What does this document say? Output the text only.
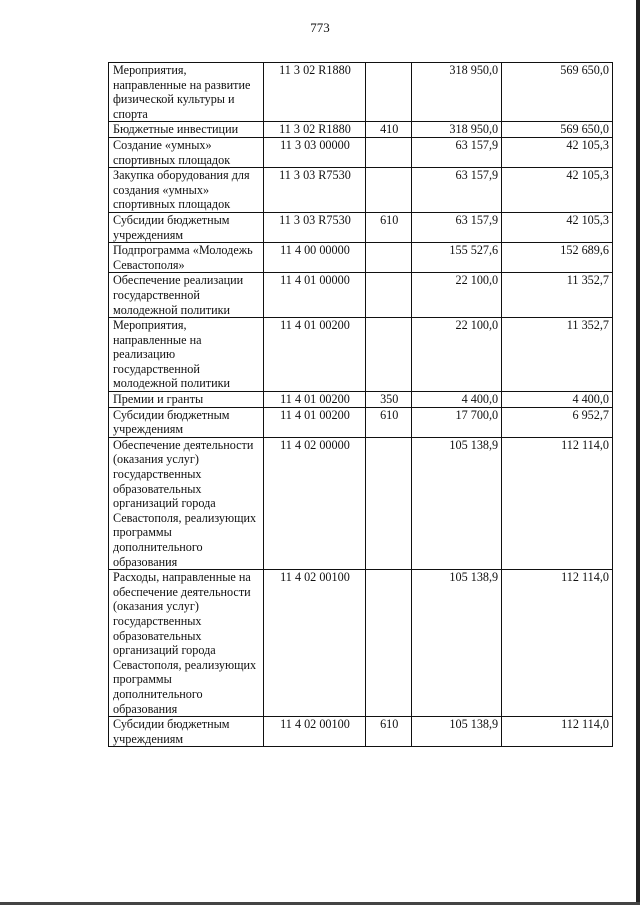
773
Мероприятия, направленные на развитие физической культуры и спорта	11 3 02 R1880		318 950,0	569 650,0
Бюджетные инвестиции	11 3 02 R1880	410	318 950,0	569 650,0
Создание «умных» спортивных площадок	11 3 03 00000		63 157,9	42 105,3
Закупка оборудования для создания «умных» спортивных площадок	11 3 03 R7530		63 157,9	42 105,3
Субсидии бюджетным учреждениям	11 3 03 R7530	610	63 157,9	42 105,3
Подпрограмма «Молодежь Севастополя»	11 4 00 00000		155 527,6	152 689,6
Обеспечение реализации государственной молодежной политики	11 4 01 00000		22 100,0	11 352,7
Мероприятия, направленные на реализацию государственной молодежной политики	11 4 01 00200		22 100,0	11 352,7
Премии и гранты	11 4 01 00200	350	4 400,0	4 400,0
Субсидии бюджетным учреждениям	11 4 01 00200	610	17 700,0	6 952,7
Обеспечение деятельности (оказания услуг) государственных образовательных организаций города Севастополя, реализующих программы дополнительного образования	11 4 02 00000		105 138,9	112 114,0
Расходы, направленные на обеспечение деятельности (оказания услуг) государственных образовательных организаций города Севастополя, реализующих программы дополнительного образования	11 4 02 00100		105 138,9	112 114,0
Субсидии бюджетным учреждениям	11 4 02 00100	610	105 138,9	112 114,0
